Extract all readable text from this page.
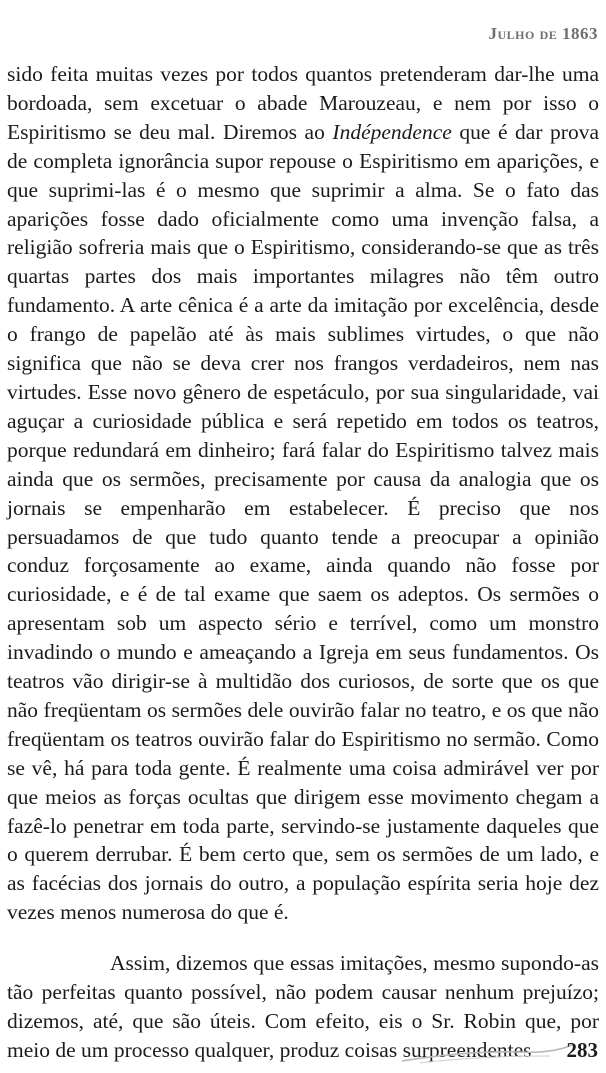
Julho de 1863

sido feita muitas vezes por todos quantos pretenderam dar-lhe uma bordoada, sem excetuar o abade Marouzeau, e nem por isso o Espiritismo se deu mal. Diremos ao Indépendence que é dar prova de completa ignorância supor repouse o Espiritismo em aparições, e que suprimi-las é o mesmo que suprimir a alma. Se o fato das aparições fosse dado oficialmente como uma invenção falsa, a religião sofreria mais que o Espiritismo, considerando-se que as três quartas partes dos mais importantes milagres não têm outro fundamento. A arte cênica é a arte da imitação por excelência, desde o frango de papelão até às mais sublimes virtudes, o que não significa que não se deva crer nos frangos verdadeiros, nem nas virtudes. Esse novo gênero de espetáculo, por sua singularidade, vai aguçar a curiosidade pública e será repetido em todos os teatros, porque redundará em dinheiro; fará falar do Espiritismo talvez mais ainda que os sermões, precisamente por causa da analogia que os jornais se empenharão em estabelecer. É preciso que nos persuadamos de que tudo quanto tende a preocupar a opinião conduz forçosamente ao exame, ainda quando não fosse por curiosidade, e é de tal exame que saem os adeptos. Os sermões o apresentam sob um aspecto sério e terrível, como um monstro invadindo o mundo e ameaçando a Igreja em seus fundamentos. Os teatros vão dirigir-se à multidão dos curiosos, de sorte que os que não freqüentam os sermões dele ouvirão falar no teatro, e os que não freqüentam os teatros ouvirão falar do Espiritismo no sermão. Como se vê, há para toda gente. É realmente uma coisa admirável ver por que meios as forças ocultas que dirigem esse movimento chegam a fazê-lo penetrar em toda parte, servindo-se justamente daqueles que o querem derrubar. É bem certo que, sem os sermões de um lado, e as facécias dos jornais do outro, a população espírita seria hoje dez vezes menos numerosa do que é.

Assim, dizemos que essas imitações, mesmo supondo-as tão perfeitas quanto possível, não podem causar nenhum prejuízo; dizemos, até, que são úteis. Com efeito, eis o Sr. Robin que, por meio de um processo qualquer, produz coisas surpreendentes	283
